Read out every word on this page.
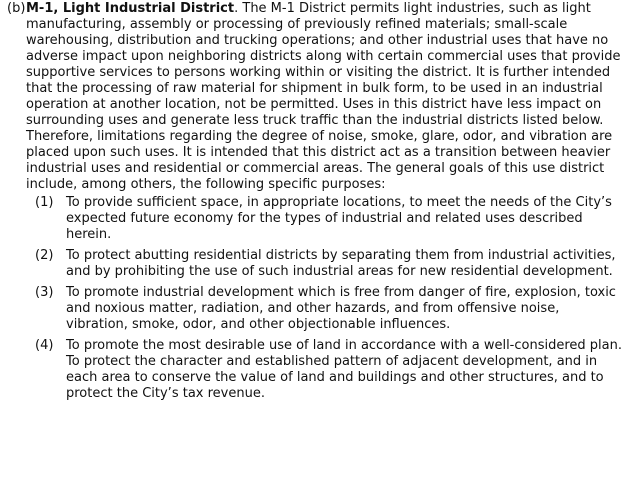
(b) M-1, Light Industrial District. The M-1 District permits light industries, such as light manufacturing, assembly or processing of previously refined materials; small-scale warehousing, distribution and trucking operations; and other industrial uses that have no adverse impact upon neighboring districts along with certain commercial uses that provide supportive services to persons working within or visiting the district. It is further intended that the processing of raw material for shipment in bulk form, to be used in an industrial operation at another location, not be permitted. Uses in this district have less impact on surrounding uses and generate less truck traffic than the industrial districts listed below. Therefore, limitations regarding the degree of noise, smoke, glare, odor, and vibration are placed upon such uses. It is intended that this district act as a transition between heavier industrial uses and residential or commercial areas. The general goals of this use district include, among others, the following specific purposes:

(1) To provide sufficient space, in appropriate locations, to meet the needs of the City’s expected future economy for the types of industrial and related uses described herein.
(2) To protect abutting residential districts by separating them from industrial activities, and by prohibiting the use of such industrial areas for new residential development.
(3) To promote industrial development which is free from danger of fire, explosion, toxic and noxious matter, radiation, and other hazards, and from offensive noise, vibration, smoke, odor, and other objectionable influences.
(4) To promote the most desirable use of land in accordance with a well-considered plan. To protect the character and established pattern of adjacent development, and in each area to conserve the value of land and buildings and other structures, and to protect the City’s tax revenue.
